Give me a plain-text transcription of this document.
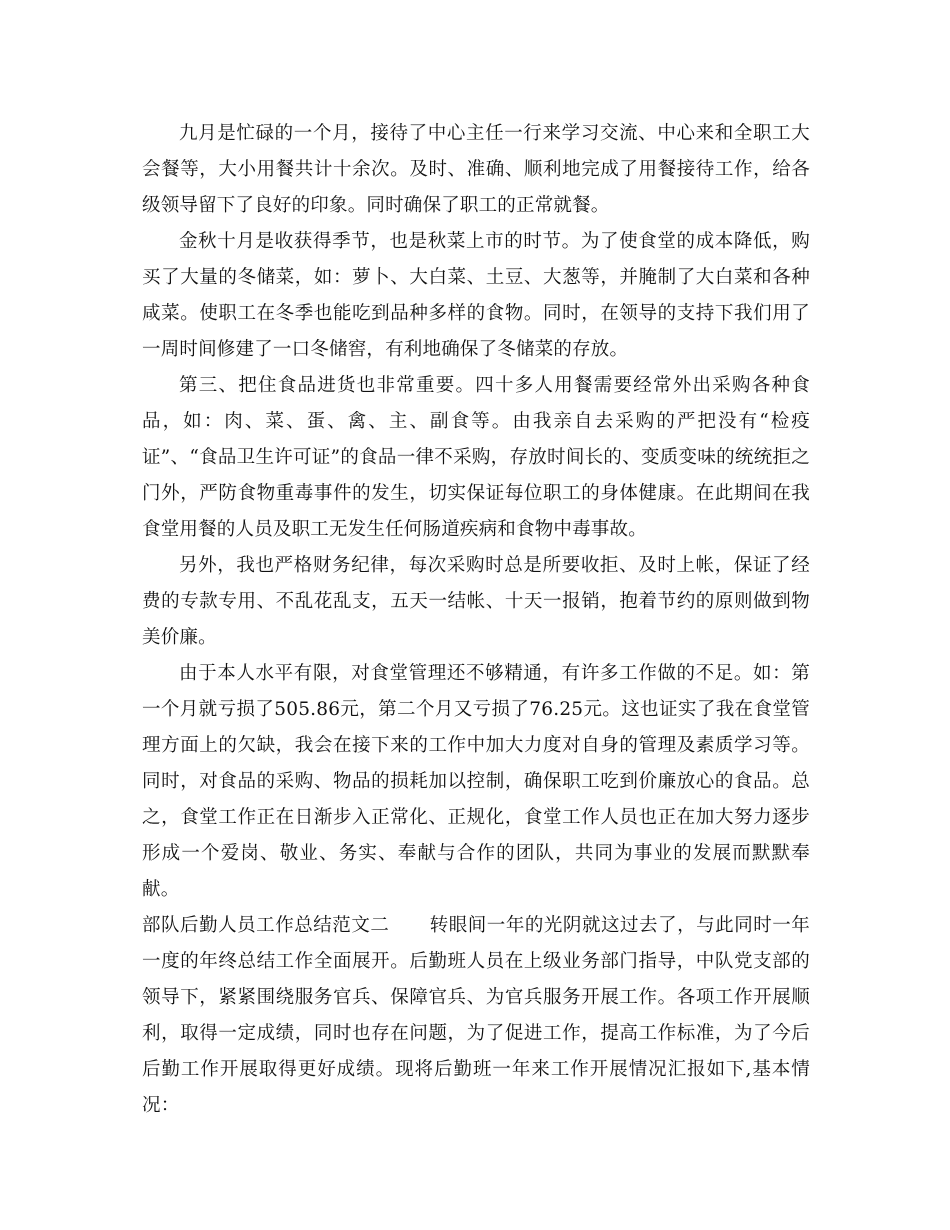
九月是忙碌的一个月，接待了中心主任一行来学习交流、中心来和全职工大会餐等，大小用餐共计十余次。及时、准确、顺利地完成了用餐接待工作，给各级领导留下了良好的印象。同时确保了职工的正常就餐。

金秋十月是收获得季节，也是秋菜上市的时节。为了使食堂的成本降低，购买了大量的冬储菜，如：萝卜、大白菜、土豆、大葱等，并腌制了大白菜和各种咸菜。使职工在冬季也能吃到品种多样的食物。同时，在领导的支持下我们用了一周时间修建了一口冬储窖，有利地确保了冬储菜的存放。

第三、把住食品进货也非常重要。四十多人用餐需要经常外出采购各种食品，如：肉、菜、蛋、禽、主、副食等。由我亲自去采购的严把没有“检疫证”、“食品卫生许可证”的食品一律不采购，存放时间长的、变质变味的统统拒之门外，严防食物重毒事件的发生，切实保证每位职工的身体健康。在此期间在我食堂用餐的人员及职工无发生任何肠道疾病和食物中毒事故。

另外，我也严格财务纪律，每次采购时总是所要收拒、及时上帐，保证了经费的专款专用、不乱花乱支，五天一结帐、十天一报销，抱着节约的原则做到物美价廉。

由于本人水平有限，对食堂管理还不够精通，有许多工作做的不足。如：第一个月就亏损了505.86元，第二个月又亏损了76.25元。这也证实了我在食堂管理方面上的欠缺，我会在接下来的工作中加大力度对自身的管理及素质学习等。同时，对食品的采购、物品的损耗加以控制，确保职工吃到价廉放心的食品。总之，食堂工作正在日渐步入正常化、正规化，食堂工作人员也正在加大努力逐步形成一个爱岗、敬业、务实、奉献与合作的团队，共同为事业的发展而默默奉献。

部队后勤人员工作总结范文二 转眼间一年的光阴就这过去了，与此同时一年一度的年终总结工作全面展开。后勤班人员在上级业务部门指导，中队党支部的领导下，紧紧围绕服务官兵、保障官兵、为官兵服务开展工作。各项工作开展顺利，取得一定成绩，同时也存在问题，为了促进工作，提高工作标准，为了今后后勤工作开展取得更好成绩。现将后勤班一年来工作开展情况汇报如下,基本情况：
